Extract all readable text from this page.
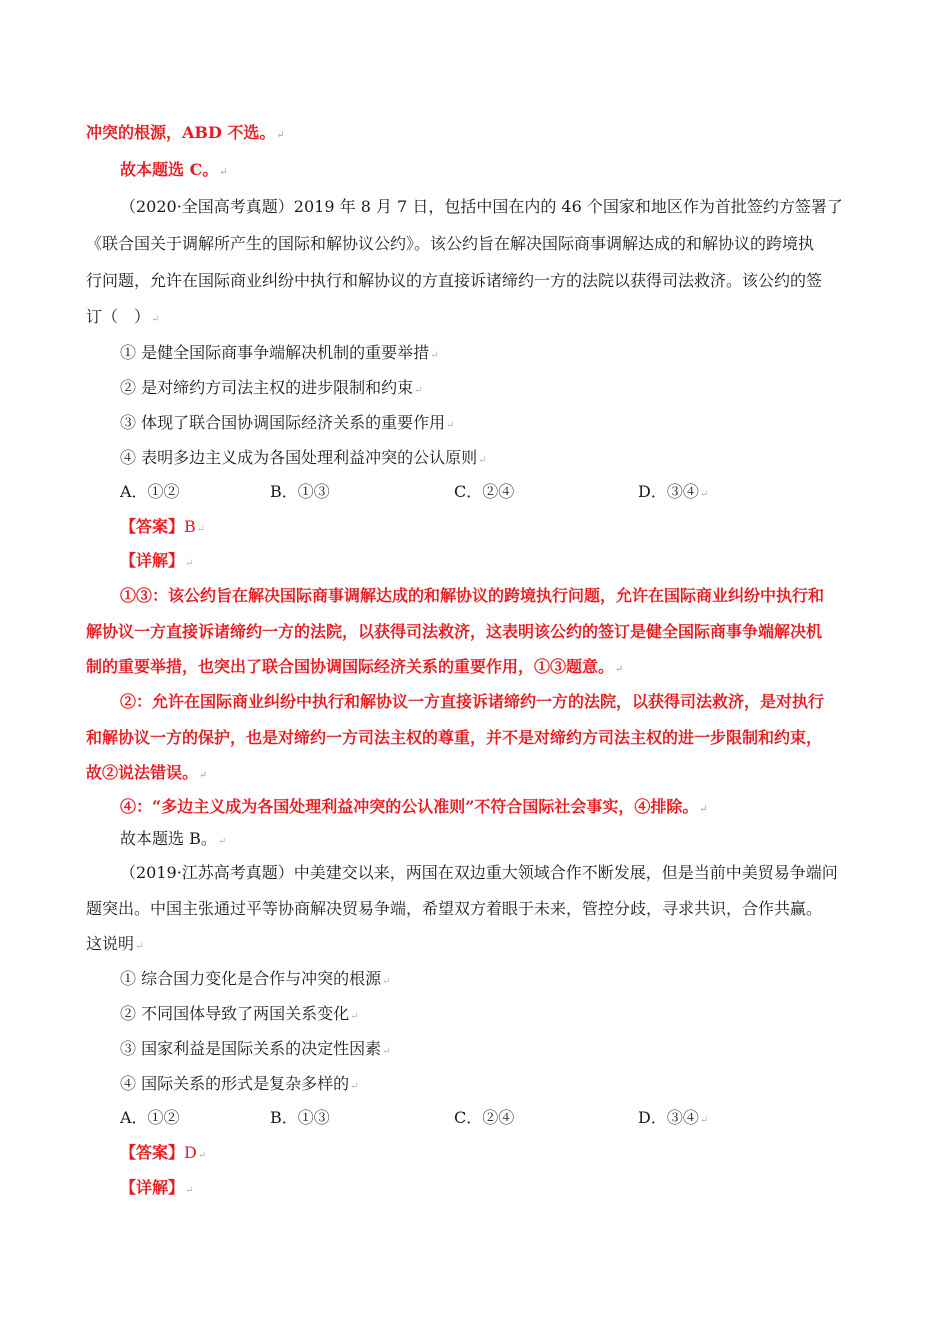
冲突的根源，ABD 不选。↵
故本题选 C。↵
（2020·全国高考真题）2019 年 8 月 7 日，包括中国在内的 46 个国家和地区作为首批签约方签署了
《联合国关于调解所产生的国际和解协议公约》。该公约旨在解决国际商事调解达成的和解协议的跨境执
行问题，允许在国际商业纠纷中执行和解协议的方直接诉诸缔约一方的法院以获得司法救济。该公约的签
订（　）↵
① 是健全国际商事争端解决机制的重要举措↵
② 是对缔约方司法主权的进步限制和约束↵
③ 体现了联合国协调国际经济关系的重要作用↵
④ 表明多边主义成为各国处理利益冲突的公认原则↵
A．①②	B．①③	C．②④	D．③④↵
【答案】B↵
【详解】↵
①③：该公约旨在解决国际商事调解达成的和解协议的跨境执行问题，允许在国际商业纠纷中执行和
解协议一方直接诉诸缔约一方的法院，以获得司法救济，这表明该公约的签订是健全国际商事争端解决机
制的重要举措，也突出了联合国协调国际经济关系的重要作用，①③题意。↵
②：允许在国际商业纠纷中执行和解协议一方直接诉诸缔约一方的法院，以获得司法救济，是对执行
和解协议一方的保护，也是对缔约一方司法主权的尊重，并不是对缔约方司法主权的进一步限制和约束，
故②说法错误。↵
④：“多边主义成为各国处理利益冲突的公认准则”不符合国际社会事实，④排除。↵
故本题选 B。↵
（2019·江苏高考真题）中美建交以来，两国在双边重大领域合作不断发展，但是当前中美贸易争端问
题突出。中国主张通过平等协商解决贸易争端，希望双方着眼于未来，管控分歧，寻求共识，合作共赢。
这说明↵
① 综合国力变化是合作与冲突的根源↵
② 不同国体导致了两国关系变化↵
③ 国家利益是国际关系的决定性因素↵
④ 国际关系的形式是复杂多样的↵
A．①②	B．①③	C．②④	D．③④↵
【答案】D↵
【详解】↵
